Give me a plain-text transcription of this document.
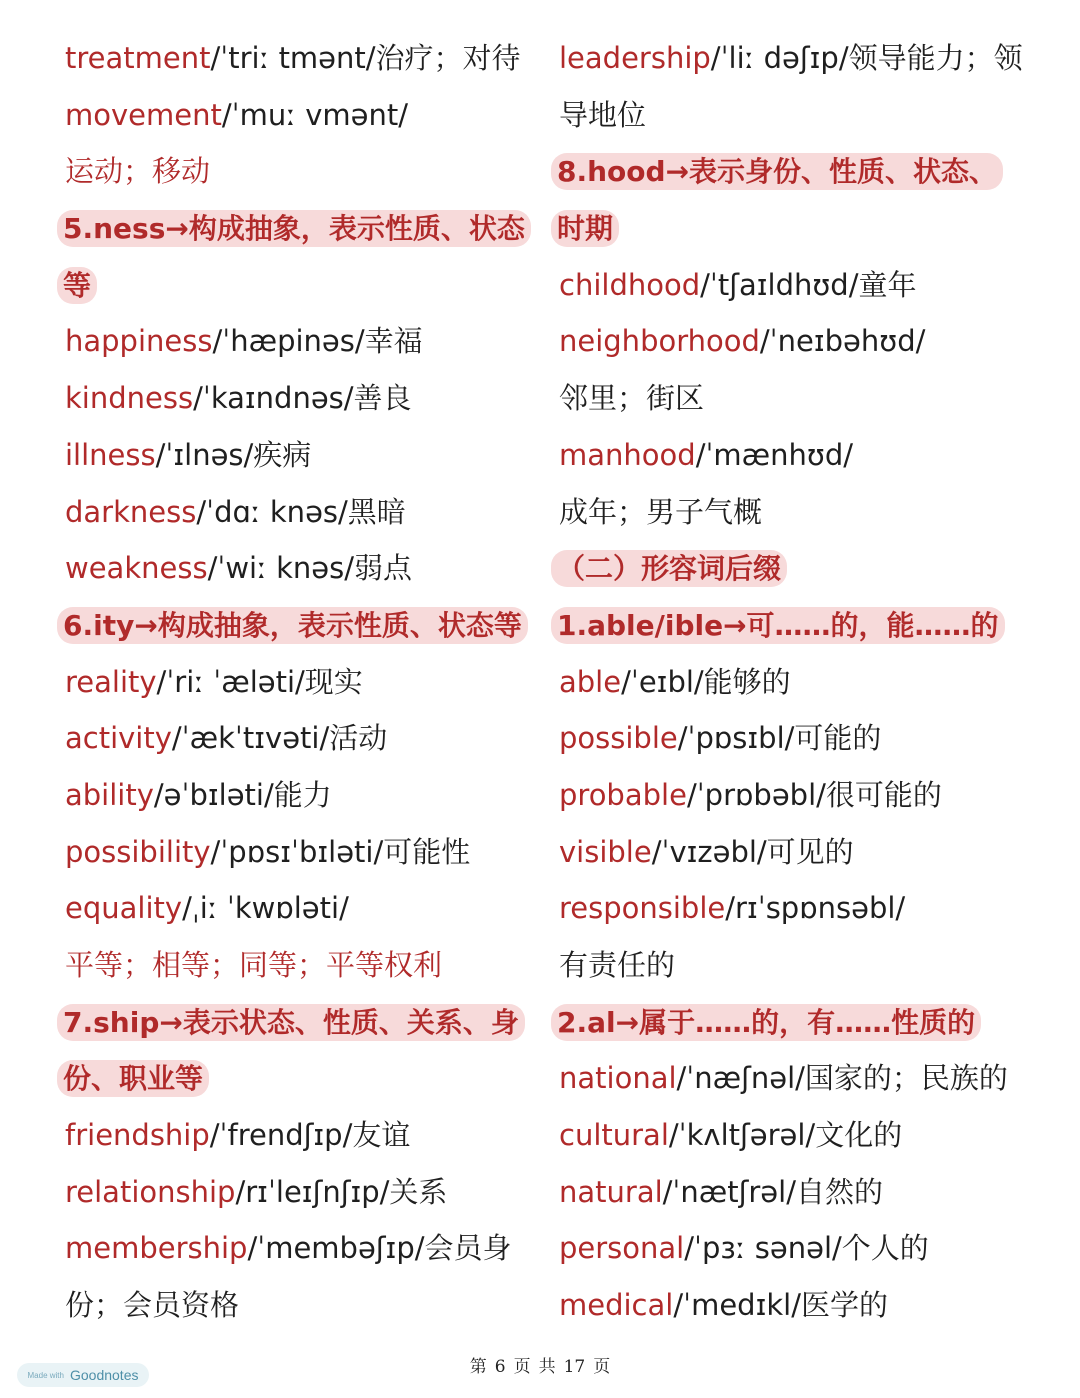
treatment/ˈtriː tmənt/治疗；对待
movement/ˈmuː vmənt/
运动；移动
5.ness→构成抽象，表示性质、状态
等
happiness/ˈhæpinəs/幸福
kindness/ˈkaɪndnəs/善良
illness/ˈɪlnəs/疾病
darkness/ˈdɑː knəs/黑暗
weakness/ˈwiː knəs/弱点
6.ity→构成抽象，表示性质、状态等
reality/ˈriː ˈæləti/现实
activity/ˈækˈtɪvəti/活动
ability/əˈbɪləti/能力
possibility/ˈpɒsɪˈbɪləti/可能性
equality/ˌiː ˈkwɒləti/
平等；相等；同等；平等权利
7.ship→表示状态、性质、关系、身
份、职业等
friendship/ˈfrendʃɪp/友谊
relationship/rɪˈleɪʃnʃɪp/关系
membership/ˈmembəʃɪp/会员身
份；会员资格
leadership/ˈliː dəʃɪp/领导能力；领
导地位
8.hood→表示身份、性质、状态、
时期
childhood/ˈtʃaɪldhʊd/童年
neighborhood/ˈneɪbəhʊd/
邻里；街区
manhood/ˈmænhʊd/
成年；男子气概
（二）形容词后缀
1.able/ible→可……的，能……的
able/ˈeɪbl/能够的
possible/ˈpɒsɪbl/可能的
probable/ˈprɒbəbl/很可能的
visible/ˈvɪzəbl/可见的
responsible/rɪˈspɒnsəbl/
有责任的
2.al→属于……的，有……性质的
national/ˈnæʃnəl/国家的；民族的
cultural/ˈkʌltʃərəl/文化的
natural/ˈnætʃrəl/自然的
personal/ˈpɜː sənəl/个人的
medical/ˈmedɪkl/医学的
第 6 页 共 17 页
Made with Goodnotes
